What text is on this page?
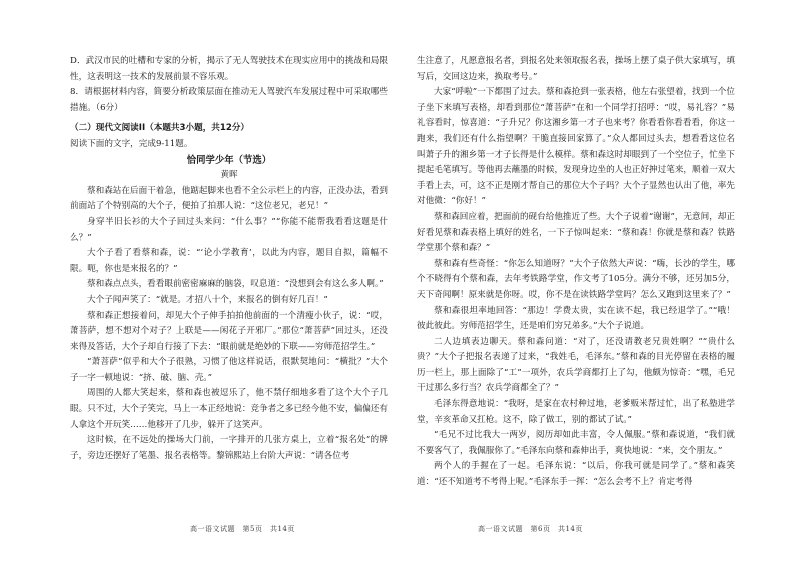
D．武汉市民的吐槽和专家的分析，揭示了无人驾驶技术在现实应用中的挑战和局限性，这表明这一技术的发展前景不容乐观。

8．请根据材料内容，简要分析政策层面在推动无人驾驶汽车发展过程中可采取哪些措施。（6分）

（二）现代文阅读II（本题共3小题，共12分）

阅读下面的文字，完成9-11题。

恰同学少年（节选）

黄晖

蔡和森站在后面干着急，他踮起脚来也看不全公示栏上的内容，正没办法，看到前面站了个特别高的大个子，便拍了拍那人说：“这位老兄，老兄！”

身穿半旧长衫的大个子回过头来问：“什么事？”“你能不能帮我看看这题是什么？”

大个子看了看蔡和森，说：“‘论小学教育’，以此为内容，题目自拟，篇幅不限。呃，你也是来报名的？”

蔡和森点点头，看看眼前密密麻麻的脑袋，叹息道：“没想到会有这么多人啊。”

大个子闻声笑了：“就是。才招八十个，来报名的倒有好几百！”

蔡和森正想接着问，却见大个子伸手拍拍他前面的一个清瘦小伙子，说：“哎，萧菩萨，想不想对个对子？上联是——闲花子开邪厂。”那位“萧菩萨”回过头，还没来得及答话，大个子却自行接了下去：“眼前就是绝妙的下联——穷师范招学生。”

“萧菩萨”似乎和大个子很熟，习惯了他这样说话，很默契地问：“横批？”大个子一字一顿地说：“挤、破、脑、壳。”

周围的人都大笑起来，蔡和森也被逗乐了，他不禁仔细地多看了这个大个子几眼。只不过，大个子笑完，马上一本正经地说：竞争者之多已经今他不安，偏偏还有人拿这个开玩笑……他移开了几步，躲开了这笑声。

这时候，在不远处的操场大门前，一字排开的几张方桌上，立着“报名处”的牌子，旁边还摆好了笔墨、报名表格等。黎锦熙站上台阶大声说：“请各位考

生注意了，凡愿意报名者，到报名处来领取报名表，操场上摆了桌子供大家填写，填写后，交回这边来，换取考号。”

大家“呼啦”一下都围了过去。蔡和森抢到一张表格，他左右张望着，找到一个位子坐下来填写表格，却看到那位“萧菩萨”在和一个同学打招呼：“哎，易礼容？”易礼容看时，惊喜道：“子升兄？你这湘乡第一才子也来考？你看看你看看看，你这一跑来，我们还有什么指望啊？干脆直接回家算了。”众人都回过头去，想看看这位名叫萧子升的湘乡第一才子长得是什么模样。蔡和森这时却眼到了一个空位子，忙坐下提起毛笔填写。等他再去蘸墨的时候，发现身边坐的人也正好抻过笔来，顺着一双大手看上去，可，这不正是刚才帮自己的那位大个子吗？大个子显然也认出了他，率先对他微：“你好！”

蔡和森回应着，把面前的砚台给他推近了些。大个子说着“谢谢”，无意间，却正好看见蔡和森表格上填好的姓名，一下子惊叫起来：“蔡和森！你就是蔡和森？铁路学堂那个蔡和森？”

蔡和森有些奇怪：“你怎么知道呀？”大个子依然大声说：“嗨，长沙的学生，哪个不晓得有个蔡和森，去年考铁路学堂，作文考了105分。满分不够，还另加5分，天下奇闻啊！原来就是你呀。哎，你不是在读铁路学堂吗？怎么又跑到这里来了？”

蔡和森很坦率地回答：“那边！学费太贵，实在读不起，我已经退学了。”“哦！彼此彼此。穷师范招学生，还是咱们穷兄弟多。”大个子说道。

二人边填表边聊天。蔡和森问道：“对了，还没请教老兄贵姓啊？”“贵什么贵？”大个子把报名表递了过来，“我姓毛，毛泽东。”蔡和森的目光停留在表格的履历一栏上，那上面除了“工”一项外，农兵学商都打上了勾，他颇为惊奇：“嘿，毛兄干过那么多行当？农兵学商都全了？”

毛泽东得意地说：“我呀，是家在农村种过地，老爹贩米帮过忙，出了私塾进学堂，辛亥革命又扛枪。这不，除了做工，别的都试了试。”

“毛兄不过比我大一两岁，阅历却如此丰富，令人佩服。”蔡和森说道，“我们就不要客气了，我佩服你了。”毛泽东向蔡和森伸出手，爽快地说：“来，交个朋友。”

两个人的手握在了一起。毛泽东说：“以后，你我可就是同学了。”蔡和森笑道：“还不知道考不考得上呢。”毛泽东手一挥：“怎么会考不上？肯定考得

高一语文试题　第5页　共14页	高一语文试题　第6页　共14页
